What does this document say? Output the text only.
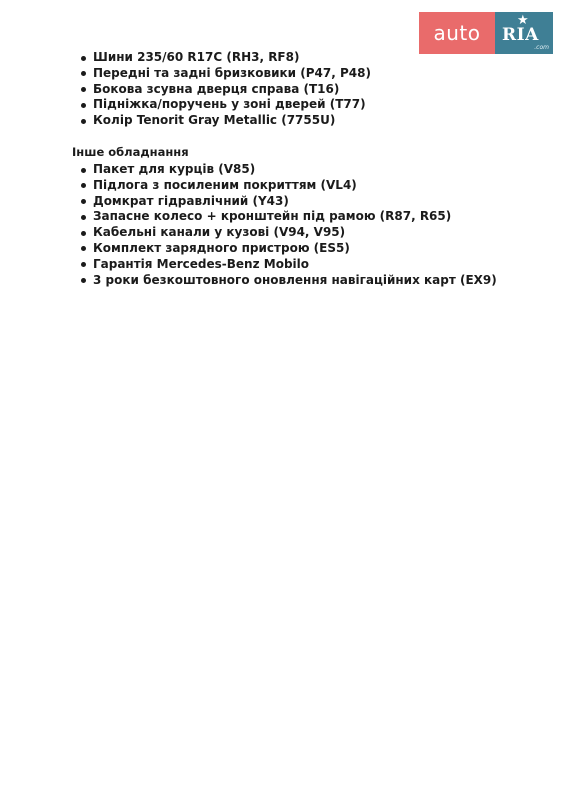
auto
★
RIA
.com
Шини 235/60 R17C (RH3, RF8)
Передні та задні бризковики (P47, P48)
Бокова зсувна дверця справа (T16)
Підніжка/поручень у зоні дверей (T77)
Колір Tenorit Gray Metallic (7755U)
Інше обладнання
Пакет для курців (V85)
Підлога з посиленим покриттям (VL4)
Домкрат гідравлічний (Y43)
Запасне колесо + кронштейн під рамою (R87, R65)
Кабельні канали у кузові (V94, V95)
Комплект зарядного пристрою (ES5)
Гарантія Mercedes-Benz Mobilo
3 роки безкоштовного оновлення навігаційних карт (EX9)
